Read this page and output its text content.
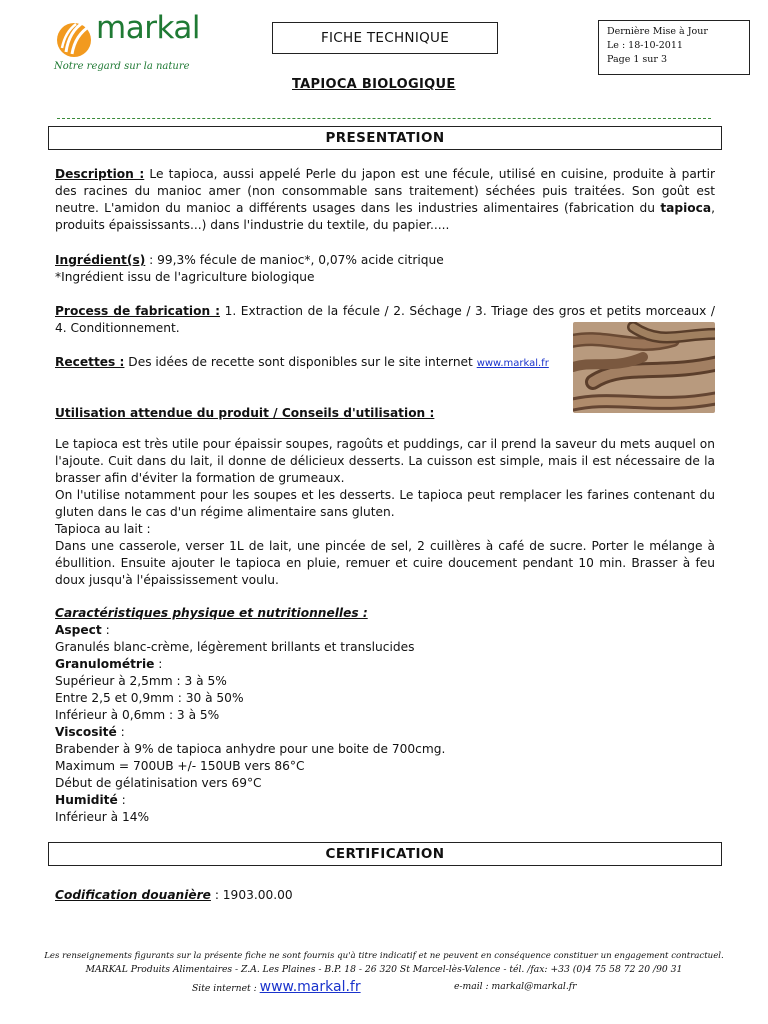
markal
Notre regard sur la nature
FICHE TECHNIQUE	Dernière Mise à Jour
Le : 18-10-2011
Page 1 sur 3
TAPIOCA BIOLOGIQUE
PRESENTATION
Description : Le tapioca, aussi appelé Perle du japon est une fécule, utilisé en cuisine, produite à partir des racines du manioc amer (non consommable sans traitement) séchées puis traitées. Son goût est neutre. L'amidon du manioc a différents usages dans les industries alimentaires (fabrication du tapioca, produits épaississants...) dans l'industrie du textile, du papier.....
Ingrédient(s) : 99,3% fécule de manioc*, 0,07% acide citrique
*Ingrédient issu de l'agriculture biologique
Process de fabrication : 1. Extraction de la fécule / 2. Séchage / 3. Triage des gros et petits morceaux / 4. Conditionnement.
Recettes : Des idées de recette sont disponibles sur le site internet www.markal.fr
Utilisation attendue du produit / Conseils d'utilisation :
Le tapioca est très utile pour épaissir soupes, ragoûts et puddings, car il prend la saveur du mets auquel on l'ajoute. Cuit dans du lait, il donne de délicieux desserts. La cuisson est simple, mais il est nécessaire de la brasser afin d'éviter la formation de grumeaux.
On l'utilise notamment pour les soupes et les desserts. Le tapioca peut remplacer les farines contenant du gluten dans le cas d'un régime alimentaire sans gluten.
Tapioca au lait :
Dans une casserole, verser 1L de lait, une pincée de sel, 2 cuillères à café de sucre. Porter le mélange à ébullition. Ensuite ajouter le tapioca en pluie, remuer et cuire doucement pendant 10 min. Brasser à feu doux jusqu'à l'épaississement voulu.
Caractéristiques physique et nutritionnelles :
Aspect :
Granulés blanc-crème, légèrement brillants et translucides
Granulométrie :
Supérieur à 2,5mm : 3 à 5%
Entre 2,5 et 0,9mm : 30 à 50%
Inférieur à 0,6mm : 3 à 5%
Viscosité :
Brabender à 9% de tapioca anhydre pour une boite de 700cmg.
Maximum = 700UB +/- 150UB vers 86°C
Début de gélatinisation vers 69°C
Humidité :
Inférieur à 14%
CERTIFICATION
Codification douanière : 1903.00.00
Les renseignements figurants sur la présente fiche ne sont fournis qu'à titre indicatif et ne peuvent en conséquence constituer un engagement contractuel.
MARKAL Produits Alimentaires - Z.A. Les Plaines - B.P. 18 - 26 320 St Marcel-lès-Valence - tél. /fax: +33 (0)4 75 58 72 20 /90 31
Site internet : www.markal.fr	e-mail : markal@markal.fr
